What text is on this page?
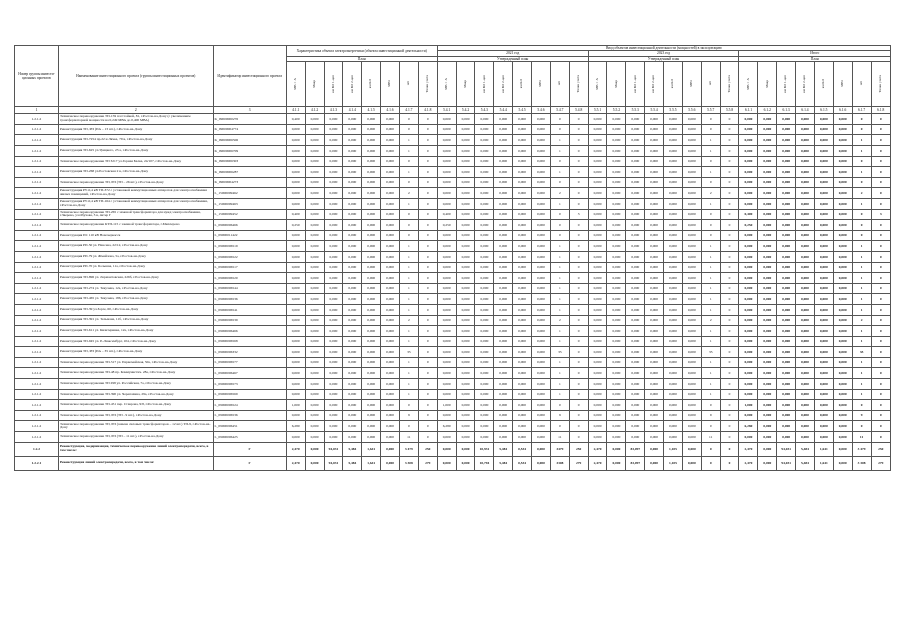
Номер группы инвести-ционных проектов	Наименование инвестиционного проекта (группы инвестиционных проектов)	Идентификатор инвестиционного проекта	Характеристика объекта электроэнергетики (объекта инвестиционной деятельности)								Ввод объектов инвестиционной деятельности (мощностей) в эксплуатацию																							
											2021 год								2023 год								Итого							
			План								Утвержденный план								Утвержденный план								План							
			МВ×А	Мвар	км ВЛ 1-цеп	км ВЛ 2-цеп	км КЛ	МВт	шт	Точки учета	МВ×А	Мвар	км ВЛ 1-цеп	км ВЛ 2-цеп	км КЛ	МВт	шт	Точки учета	МВ×А	Мвар	км ВЛ 1-цеп	км ВЛ 2-цеп	км КЛ	МВт	шт	Точки учета	МВ×А	Мвар	км ВЛ 1-цеп	км ВЛ 2-цеп	км КЛ	МВт	шт	Точки учета
1	2	3	4.1.1	4.1.2	4.1.3	4.1.4	4.1.5	4.1.6	4.1.7	4.1.8	5.4.1	5.4.2	5.4.3	5.4.4	5.4.5	5.4.6	5.4.7	5.4.8	5.5.1	5.5.2	5.5.3	5.5.4	5.5.5	5.5.6	5.5.7	5.5.8	6.1.1	6.1.2	6.1.3	6.1.4	6.1.5	6.1.6	6.1.7	6.1.8
1.2.1.2	Техническое перевооружение ТП-159 пл.Стойкой, 81, г.Ростов-на-Дону (с увеличением трансформаторной мощности на 0,249 МВА до 0,400 МВА)	K_09000000276	0,400	0,000	0,000	0,000	0,000	0,000	0	0	0,000	0,000	0,000	0,000	0,000	0,000	0	0	0,000	0,000	0,000	0,000	0,000	0,000	0	0	0,000	0,000	0,000	0,000	0,000	0,000	0	0
1.2.1.2	Реконструкция ТП, РП (ПА – 13 шт.), г.Ростов-на-Дону	K_09000004774	0,000	0,000	0,000	0,000	0,000	0,000	0	0	0,000	0,000	0,000	0,000	0,000	0,000	0	0	0,000	0,000	0,000	0,000	0,000	0,000	0	0	0,000	0,000	0,000	0,000	0,000	0,000	0	0
1.2.1.2	Реконструкция ТП-7254 пр.22 и Лячка, 79 в, г.Ростов-на-Дону	K_09000006506	0,000	0,000	0,000	0,000	0,000	0,000	1	0	0,000	0,000	0,000	0,000	0,000	0,000	1	0	0,000	0,000	0,000	0,000	0,000	0,000	1	0	0,000	0,000	0,000	0,000	0,000	0,000	1	0
1.2.1.2	Реконструкция ТП-625 ул.Урицкого, 23 а, г.Ростов-на-Дону	K_09000006709	0,000	0,000	0,000	0,000	0,000	0,000	1	0	0,000	0,000	0,000	0,000	0,000	0,000	1	0	0,000	0,000	0,000	0,000	0,000	0,000	1	0	0,000	0,000	0,000	0,000	0,000	0,000	1	0
1.2.1.2	Техническое перевооружение ТП 3217 ул.Горная Балка, 24/107, г.Ростов-на-Дону	K_09000006303	0,000	0,000	0,000	0,000	0,000	0,000	0	0	0,000	0,000	0,000	0,000	0,000	0,000	0	0	0,000	0,000	0,000	0,000	0,000	0,000	0	0	0,000	0,000	0,000	0,000	0,000	0,000	0	0
1.2.1.2	Реконструкция ТП-268 ул.Ростовская 2 в, г.Ростов-на-Дону	K_09000006287	0,000	0,000	0,000	0,000	0,000	0,000	1	0	0,000	0,000	0,000	0,000	0,000	0,000	1	0	0,000	0,000	0,000	0,000	0,000	0,000	1	0	0,000	0,000	0,000	0,000	0,000	0,000	1	0
1.2.1.2	Техническое перевооружение ТП, РП (ТП – 26 шт.), г.Ростов-на-Дону	K_09000004273	0,000	0,000	0,000	0,000	0,000	0,000	0	0	0,000	0,000	0,000	0,000	0,000	0,000	0	0	0,000	0,000	0,000	0,000	0,000	0,000	0	0	0,000	0,000	0,000	0,000	0,000	0,000	0	0
1.2.1.2	Реконструкция РУ-0,4 кВ ТП-372 с установкой коммутационных аппаратов для электроснабжения жилых помещений, г.Ростов-на-Дону	L_15000009462	0,000	0,000	0,000	0,000	0,000	0,000	2	0	0,000	0,000	0,000	0,000	0,000	0,000	2	0	0,000	0,000	0,000	0,000	0,000	0,000	2	0	0,000	0,000	0,000	0,000	0,000	0,000	2	0
1.2.1.2	Реконструкция РУ-0,4 кВ ТП-164 с установкой коммутационных аппаратов для электроснабжения, г.Ростов-на-Дону	L_15000009463	0,000	0,000	0,000	0,000	0,000	0,000	1	0	0,000	0,000	0,000	0,000	0,000	0,000	1	0	0,000	0,000	0,000	0,000	0,000	0,000	1	0	0,000	0,000	0,000	0,000	0,000	0,000	1	0
1.2.1.2	Техническое перевооружение ТП-265 с заменой трансформатора для нужд электроснабжения, г.Зверево, ул.Обухова, 3 в, литер Г	L_15000009452	0,400	0,000	0,000	0,000	0,000	0,000	0	0	0,400	0,000	0,000	0,000	0,000	0,000	0	3	0,000	0,000	0,000	0,000	0,000	0,000	0	0	0,400	0,000	0,000	0,000	0,000	0,000	0	3
1.2.1.2	Техническое перевооружение КТП-115 с заменой трансформатора, г.Миллерово	L_09000006466	0,250	0,000	0,000	0,000	0,000	0,000	0	0	0,250	0,000	0,000	0,000	0,000	0,000	0	0	0,000	0,000	0,000	0,000	0,000	0,000	0	0	0,250	0,000	0,000	0,000	0,000	0,000	0	0
1.2.1.2	Реконструкция ПС 110 кВ Новочеркасск	L_09000011422	0,000	0,000	0,000	0,000	0,000	0,000	0	0	0,000	0,000	0,000	0,000	0,000	0,000	0	0	0,000	0,000	0,000	0,000	0,000	0,000	0	0	0,000	0,000	0,000	0,000	0,000	0,000	0	0
1.2.1.2	Реконструкция РП-50 ул. Нансена, 22/12, г.Ростов-на-Дону	L_09000006519	0,000	0,000	0,000	0,000	0,000	0,000	1	0	0,000	0,000	0,000	0,000	0,000	0,000	1	0	0,000	0,000	0,000	0,000	0,000	0,000	1	0	0,000	0,000	0,000	0,000	0,000	0,000	1	0
1.2.1.2	Реконструкция РП-79 ул. Жмайлова, 5а, г.Ростов-на-Дону	L_09000006522	0,000	0,000	0,000	0,000	0,000	0,000	1	0	0,000	0,000	0,000	0,000	0,000	0,000	1	0	0,000	0,000	0,000	0,000	0,000	0,000	1	0	0,000	0,000	0,000	0,000	0,000	0,000	1	0
1.2.1.2	Реконструкция РП-70 ул. Большая, 11а, г.Ростов-на-Дону	L_09000006517	0,000	0,000	0,000	0,000	0,000	0,000	1	0	0,000	0,000	0,000	0,000	0,000	0,000	1	0	0,000	0,000	0,000	0,000	0,000	0,000	1	0	0,000	0,000	0,000	0,000	0,000	0,000	1	0
1.2.1.2	Реконструкция ТП-896 ул. Лермонтовская, 226б, г.Ростов-на-Дону	L_09000006520	0,000	0,000	0,000	0,000	0,000	0,000	1	0	0,000	0,000	0,000	0,000	0,000	0,000	1	0	0,000	0,000	0,000	0,000	0,000	0,000	1	0	0,000	0,000	0,000	0,000	0,000	0,000	1	0
1.2.1.2	Реконструкция ТП-274 ул. Текучева, 12а, г.Ростов-на-Дону	L_09000006544	0,000	0,000	0,000	0,000	0,000	0,000	1	0	0,000	0,000	0,000	0,000	0,000	0,000	1	0	0,000	0,000	0,000	0,000	0,000	0,000	1	0	0,000	0,000	0,000	0,000	0,000	0,000	1	0
1.2.1.2	Реконструкция ТП-465 ул. Текучева, 186, г.Ростов-на-Дону	L_09000006536	0,000	0,000	0,000	0,000	0,000	0,000	1	0	0,000	0,000	0,000	0,000	0,000	0,000	1	0	0,000	0,000	0,000	0,000	0,000	0,000	1	0	0,000	0,000	0,000	0,000	0,000	0,000	1	0
1.2.1.2	Реконструкция ТП-39 ул.Зорге, 60, г.Ростов-на-Дону	L_09000006541	0,000	0,000	0,000	0,000	0,000	0,000	1	0	0,000	0,000	0,000	0,000	0,000	0,000	1	0	0,000	0,000	0,000	0,000	0,000	0,000	1	0	0,000	0,000	0,000	0,000	0,000	0,000	1	0
1.2.1.2	Реконструкция ТП-391 ул. Тельмана, 11б, г.Ростов-на-Дону	L_09000006539	0,000	0,000	0,000	0,000	0,000	0,000	2	0	0,000	0,000	0,000	0,000	0,000	0,000	2	0	0,000	0,000	0,000	0,000	0,000	0,000	2	0	0,000	0,000	0,000	0,000	0,000	0,000	2	0
1.2.1.2	Реконструкция ТП-611 ул. Кизитеринка, 12а, г.Ростов-на-Дону	L_09000006466	0,000	0,000	0,000	0,000	0,000	0,000	1	0	0,000	0,000	0,000	0,000	0,000	0,000	1	0	0,000	0,000	0,000	0,000	0,000	0,000	1	0	0,000	0,000	0,000	0,000	0,000	0,000	1	0
1.2.1.2	Реконструкция ТП-945 ул. Р.-Люксембург, 104, г.Ростов-на-Дону	L_09000006568	0,000	0,000	0,000	0,000	0,000	0,000	1	0	0,000	0,000	0,000	0,000	0,000	0,000	1	0	0,000	0,000	0,000	0,000	0,000	0,000	1	0	0,000	0,000	0,000	0,000	0,000	0,000	1	0
1.2.1.2	Реконструкция ТП, РП (ПА – 35 шт.), г.Ростов-на-Дону	L_09000006332	0,000	0,000	0,000	0,000	0,000	0,000	35	0	0,000	0,000	0,000	0,000	0,000	0,000	35	0	0,000	0,000	0,000	0,000	0,000	0,000	35	0	0,000	0,000	0,000	0,000	0,000	0,000	35	0
1.2.1.2	Техническое перевооружение ТП-517 ул. Первомайская, 50а, г.Ростов-на-Дону	L_09000006577	0,000	0,000	0,000	0,000	0,000	0,000	1	0	0,000	0,000	0,000	0,000	0,000	0,000	1	0	0,000	0,000	0,000	0,000	0,000	0,000	1	0	0,000	0,000	0,000	0,000	0,000	0,000	1	0
1.2.1.2	Техническое перевооружение ТП-48 пр. Коммунистич. 28а, г.Ростов-на-Дону	L_09000006467	0,000	0,000	0,000	0,000	0,000	0,000	1	0	0,000	0,000	0,000	0,000	0,000	0,000	1	0	0,000	0,000	0,000	0,000	0,000	0,000	1	0	0,000	0,000	0,000	0,000	0,000	0,000	1	0
1.2.1.2	Техническое перевооружение ТП 298 ул. Российская, 7а, г.Ростов-на-Дону	L_09000006573	0,000	0,000	0,000	0,000	0,000	0,000	1	0	0,000	0,000	0,000	0,000	0,000	0,000	1	0	0,000	0,000	0,000	0,000	0,000	0,000	1	0	0,000	0,000	0,000	0,000	0,000	0,000	1	0
1.2.1.2	Техническое перевооружение ТП-390 ул. Черепахина, 29а, г.Ростов-на-Дону	L_09000006569	0,000	0,000	0,000	0,000	0,000	0,000	1	0	0,000	0,000	0,000	0,000	0,000	0,000	1	0	0,000	0,000	0,000	0,000	0,000	0,000	1	0	0,000	0,000	0,000	0,000	0,000	0,000	1	0
1.2.1.2	Техническое перевооружение ТП-451 пер. Ставрова, 9/8, г.Ростов-на-Дону	L_09000006524	1,000	0,000	0,000	0,000	0,000	0,000	0	0	1,000	0,000	0,000	0,000	0,000	0,000	0	0	0,000	0,000	0,000	0,000	0,000	0,000	0	0	1,000	0,000	0,000	0,000	0,000	0,000	0	0
1.2.1.2	Техническое перевооружение ТП, РП (ТП - 9 шт.), г.Ростов-на-Дону	L_09000006536	0,000	0,000	0,000	0,000	0,000	0,000	9	0	0,000	0,000	0,000	0,000	0,000	0,000	9	0	0,000	0,000	0,000	0,000	0,000	0,000	9	0	0,000	0,000	0,000	0,000	0,000	0,000	9	0
1.2.1.2	Техническое перевооружение ТП, РП (замена силовых трансформаторов – 12 шт.) ТП-9, г.Ростов-на-Дону	L_09000006451	6,280	0,000	0,000	0,000	0,000	0,000	0	0	6,280	0,000	0,000	0,000	0,000	0,000	0	0	0,000	0,000	0,000	0,000	0,000	0,000	0	0	6,280	0,000	0,000	0,000	0,000	0,000	0	0
1.2.1.2	Техническое перевооружение ТП, РП (ТП – 11 шт.), г.Ростов-на-Дону	L_09000006425	0,000	0,000	0,000	0,000	0,000	0,000	11	0	0,000	0,000	0,000	0,000	0,000	0,000	11	0	0,000	0,000	0,000	0,000	0,000	0,000	11	0	0,000	0,000	0,000	0,000	0,000	0,000	11	0
1.2.2	Реконструкция, модернизация, техническое перевооружение линий электропередачи, всего, в том числе:	Г	2,470	0,000	94,031	5,484	1,641	0,000	3 479	250	0,000	0,000	10,931	5,484	0,534	0,000	3479	250	2,470	0,000	83,097	0,000	1,105	0,000	0	0	2,470	0,000	94,031	5,484	1,641	0,000	3 479	250
1.2.2.1	Реконструкция линий электропередачи, всего, в том числе:	Г	2,470	0,000	94,031	5,484	1,641	0,000	3 308	279	0,000	0,000	10,794	5,484	0,534	0,000	3308	279	2,470	0,000	83,097	0,000	1,105	0,000	0	0	2,470	0,000	94,031	5,484	1,641	0,000	3 308	279
